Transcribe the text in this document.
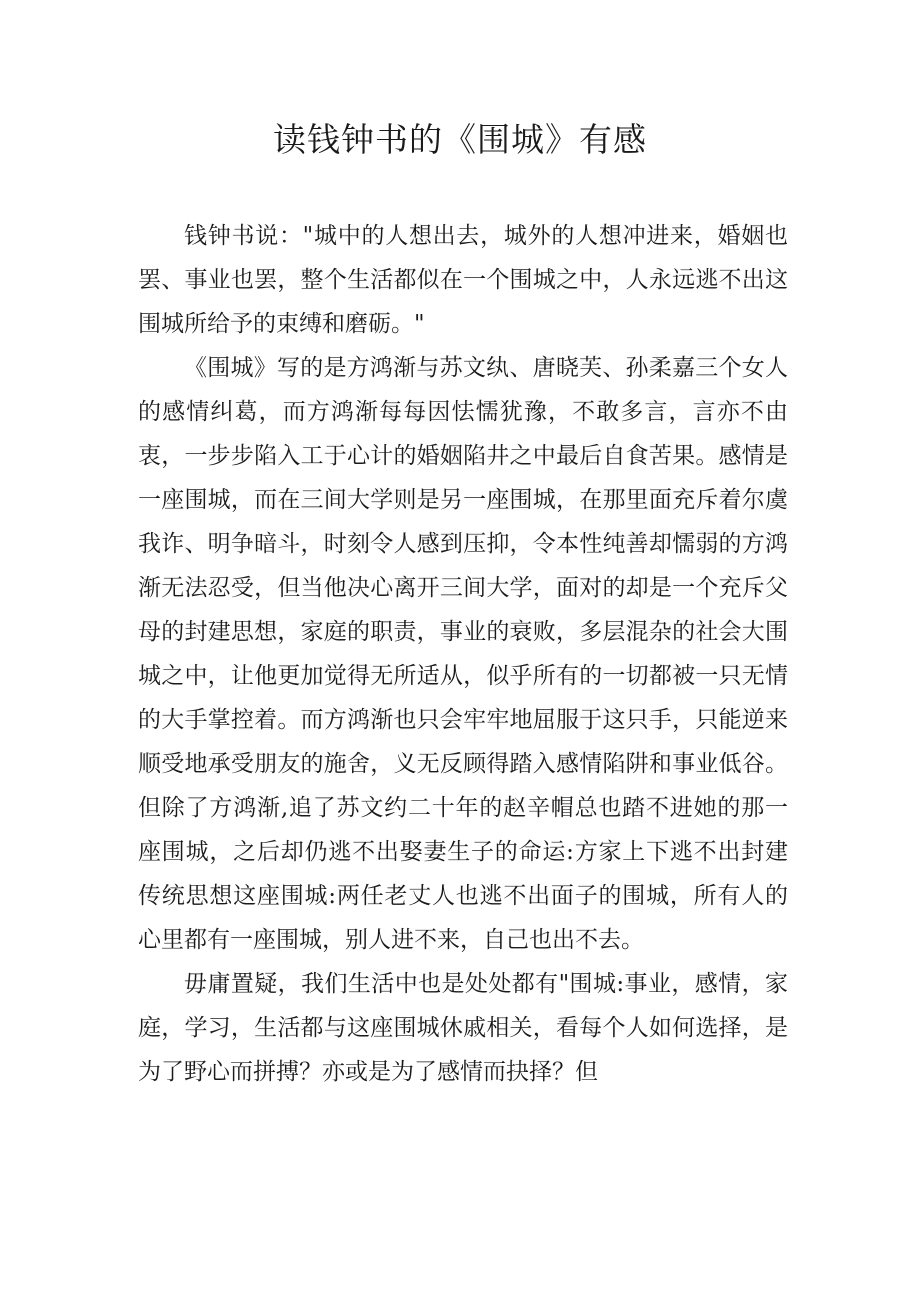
读钱钟书的《围城》有感

钱钟书说："城中的人想出去，城外的人想冲进来，婚姻也罢、事业也罢，整个生活都似在一个围城之中，人永远逃不出这围城所给予的束缚和磨砺。"

《围城》写的是方鸿渐与苏文纨、唐晓芙、孙柔嘉三个女人的感情纠葛，而方鸿渐每每因怯懦犹豫，不敢多言，言亦不由衷，一步步陷入工于心计的婚姻陷井之中最后自食苦果。感情是一座围城，而在三间大学则是另一座围城，在那里面充斥着尔虞我诈、明争暗斗，时刻令人感到压抑，令本性纯善却懦弱的方鸿渐无法忍受，但当他决心离开三间大学，面对的却是一个充斥父母的封建思想，家庭的职责，事业的衰败，多层混杂的社会大围城之中，让他更加觉得无所适从，似乎所有的一切都被一只无情的大手掌控着。而方鸿渐也只会牢牢地屈服于这只手，只能逆来顺受地承受朋友的施舍，义无反顾得踏入感情陷阱和事业低谷。但除了方鸿渐,追了苏文约二十年的赵辛帽总也踏不进她的那一座围城，之后却仍逃不出娶妻生子的命运:方家上下逃不出封建传统思想这座围城:两任老丈人也逃不出面子的围城，所有人的心里都有一座围城，别人进不来，自己也出不去。

毋庸置疑，我们生活中也是处处都有"围城:事业，感情，家庭，学习，生活都与这座围城休戚相关，看每个人如何选择，是为了野心而拼搏？亦或是为了感情而抉择？但
